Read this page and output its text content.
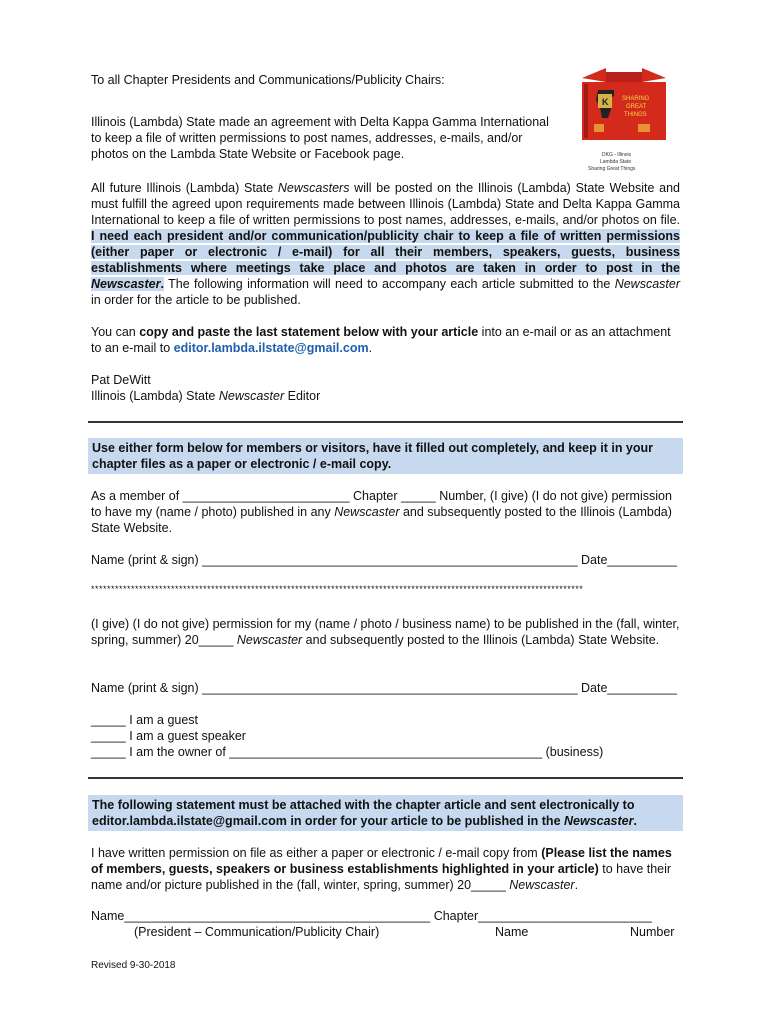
To all Chapter Presidents and Communications/Publicity Chairs:

Illinois (Lambda) State made an agreement with Delta Kappa Gamma International to keep a file of written permissions to post names, addresses, e-mails, and/or photos on the Lambda State Website or Facebook page.

K SHARING
GREAT
THINGS
DKG - Illinois
Lambda State
Sharing Great Things

All future Illinois (Lambda) State Newscasters will be posted on the Illinois (Lambda) State Website and must fulfill the agreed upon requirements made between Illinois (Lambda) State and Delta Kappa Gamma International to keep a file of written permissions to post names, addresses, e-mails, and/or photos on file. I need each president and/or communication/publicity chair to keep a file of written permissions (either paper or electronic / e-mail) for all their members, speakers, guests, business establishments where meetings take place and photos are taken in order to post in the Newscaster. The following information will need to accompany each article submitted to the Newscaster in order for the article to be published.

You can copy and paste the last statement below with your article into an e-mail or as an attachment to an e-mail to editor.lambda.ilstate@gmail.com.

Pat DeWitt
Illinois (Lambda) State Newscaster Editor
Use either form below for members or visitors, have it filled out completely, and keep it in your chapter files as a paper or electronic / e-mail copy.

As a member of ________________________ Chapter _____ Number, (I give) (I do not give) permission to have my (name / photo) published in any Newscaster and subsequently posted to the Illinois (Lambda) State Website.

Name (print & sign) ______________________________________________________ Date__________
***************************************************************************************************************************

(I give) (I do not give) permission for my (name / photo / business name) to be published in the (fall, winter, spring, summer) 20_____ Newscaster and subsequently posted to the Illinois (Lambda) State Website.

Name (print & sign) ______________________________________________________ Date__________
_____ I am a guest
_____ I am a guest speaker
_____ I am the owner of _____________________________________________ (business)
The following statement must be attached with the chapter article and sent electronically to editor.lambda.ilstate@gmail.com in order for your article to be published in the Newscaster.

I have written permission on file as either a paper or electronic / e-mail copy from (Please list the names of members, guests, speakers or business establishments highlighted in your article) to have their name and/or picture published in the (fall, winter, spring, summer) 20_____ Newscaster.

Name____________________________________________ Chapter_________________________
(President – Communication/Publicity Chair)	Name	Number
Revised 9-30-2018
